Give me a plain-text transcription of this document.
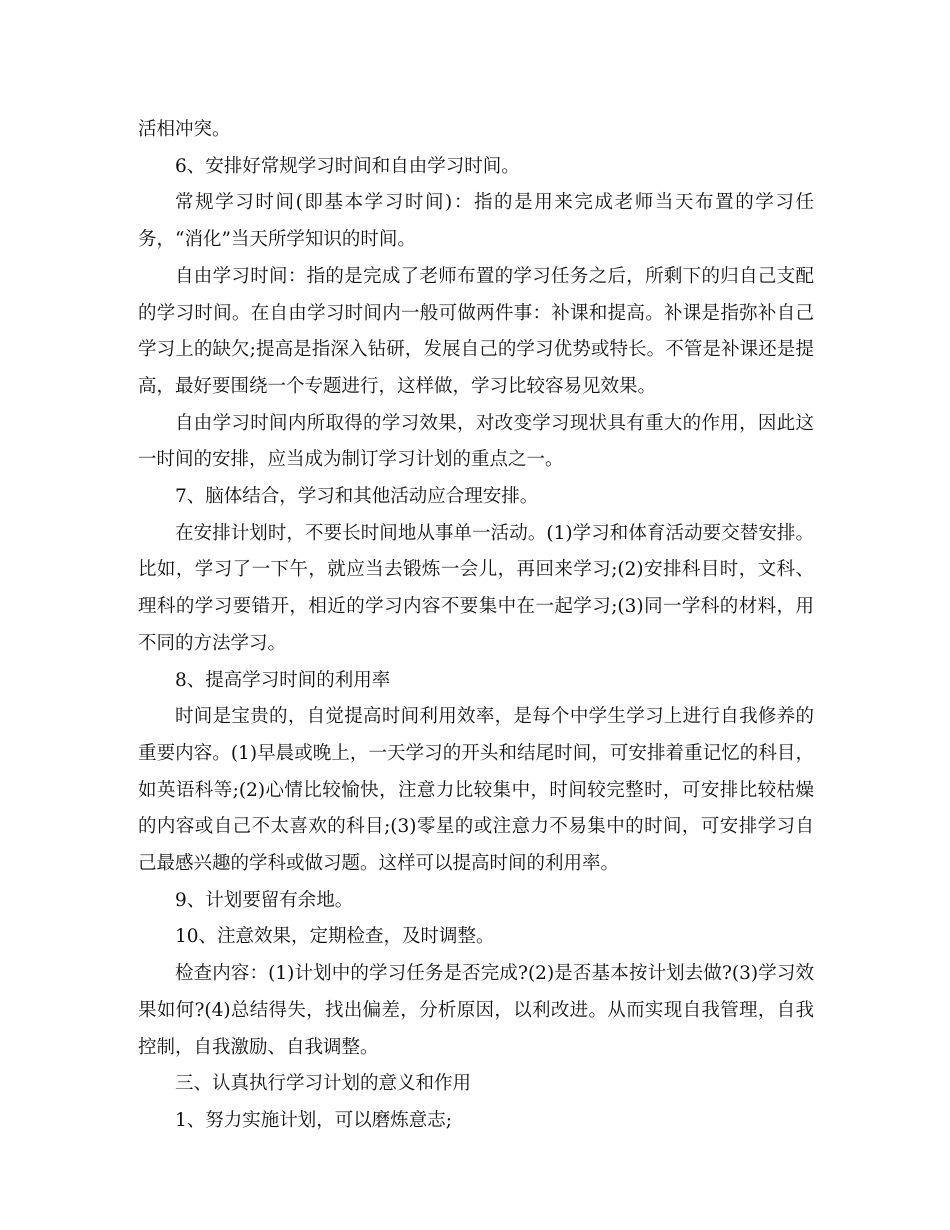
活相冲突。

6、安排好常规学习时间和自由学习时间。

常规学习时间(即基本学习时间)：指的是用来完成老师当天布置的学习任务，“消化”当天所学知识的时间。

自由学习时间：指的是完成了老师布置的学习任务之后，所剩下的归自己支配的学习时间。在自由学习时间内一般可做两件事：补课和提高。补课是指弥补自己学习上的缺欠;提高是指深入钻研，发展自己的学习优势或特长。不管是补课还是提高，最好要围绕一个专题进行，这样做，学习比较容易见效果。

自由学习时间内所取得的学习效果，对改变学习现状具有重大的作用，因此这一时间的安排，应当成为制订学习计划的重点之一。

7、脑体结合，学习和其他活动应合理安排。

在安排计划时，不要长时间地从事单一活动。(1)学习和体育活动要交替安排。比如，学习了一下午，就应当去锻炼一会儿，再回来学习;(2)安排科目时，文科、理科的学习要错开，相近的学习内容不要集中在一起学习;(3)同一学科的材料，用不同的方法学习。

8、提高学习时间的利用率

时间是宝贵的，自觉提高时间利用效率，是每个中学生学习上进行自我修养的重要内容。(1)早晨或晚上，一天学习的开头和结尾时间，可安排着重记忆的科目，如英语科等;(2)心情比较愉快，注意力比较集中，时间较完整时，可安排比较枯燥的内容或自己不太喜欢的科目;(3)零星的或注意力不易集中的时间，可安排学习自己最感兴趣的学科或做习题。这样可以提高时间的利用率。

9、计划要留有余地。

10、注意效果，定期检查，及时调整。

检查内容：(1)计划中的学习任务是否完成?(2)是否基本按计划去做?(3)学习效果如何?(4)总结得失，找出偏差，分析原因，以利改进。从而实现自我管理，自我控制，自我激励、自我调整。

三、认真执行学习计划的意义和作用

1、努力实施计划，可以磨炼意志;
